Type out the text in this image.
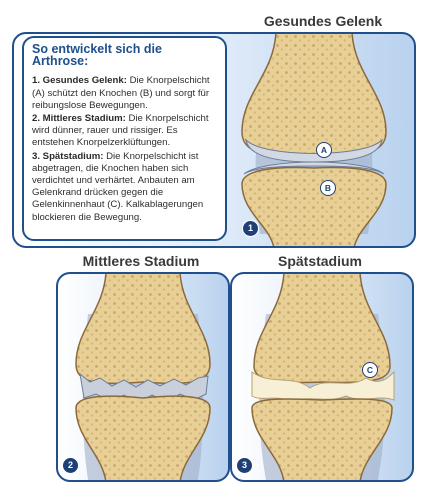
Gesundes Gelenk
So entwickelt sich die Arthrose:

1. Gesundes Gelenk: Die Knorpelschicht (A) schützt den Knochen (B) und sorgt für reibungslose Bewegungen.

2. Mittleres Stadium: Die Knorpelschicht wird dünner, rauer und rissiger. Es entstehen Knorpelzerklüftungen.

3. Spätstadium: Die Knorpelschicht ist abgetragen, die Knochen haben sich verdichtet und verhärtet. Anbauten am Gelenkrand drücken gegen die Gelenkinnenhaut (C). Kalkablagerungen blockieren die Bewegung.

A
B
1
Mittleres Stadium
2
Spätstadium
C
3
